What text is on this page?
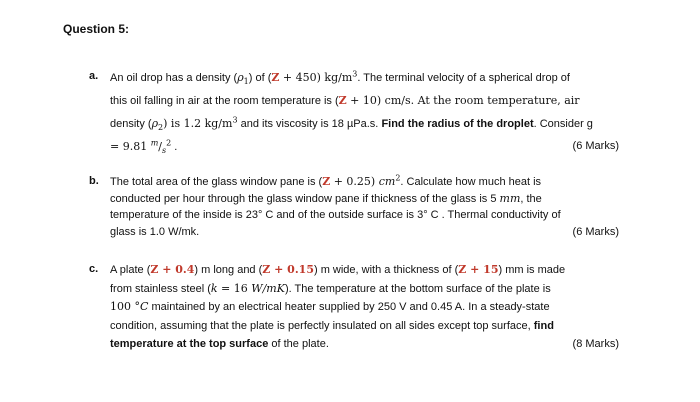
Question 5:
a. An oil drop has a density $(\rho_1)$ of (Z + 450) $kg/m^3$. The terminal velocity of a spherical drop of
this oil falling in air at the room temperature is (Z + 10) cm/s. At the room temperature, air
density $(\rho_2)$ is 1.2 $kg/m^3$ and its viscosity is 18 µPa.s. Find the radius of the droplet. Consider g
= 9.81 $^m/_s^2$ .	(6 Marks)
b. The total area of the glass window pane is (Z + 0.25) $cm^2$. Calculate how much heat is
conducted per hour through the glass window pane if thickness of the glass is 5 mm, the
temperature of the inside is 23° C and of the outside surface is 3° C . Thermal conductivity of
glass is 1.0 W/mk.	(6 Marks)
c. A plate (Z + 0.4) m long and (Z + 0.15) m wide, with a thickness of (Z + 15) mm is made
from stainless steel (k = 16 W/mK). The temperature at the bottom surface of the plate is
100 °C maintained by an electrical heater supplied by 250 V and 0.45 A. In a steady-state
condition, assuming that the plate is perfectly insulated on all sides except top surface, find
temperature at the top surface of the plate.	(8 Marks)
